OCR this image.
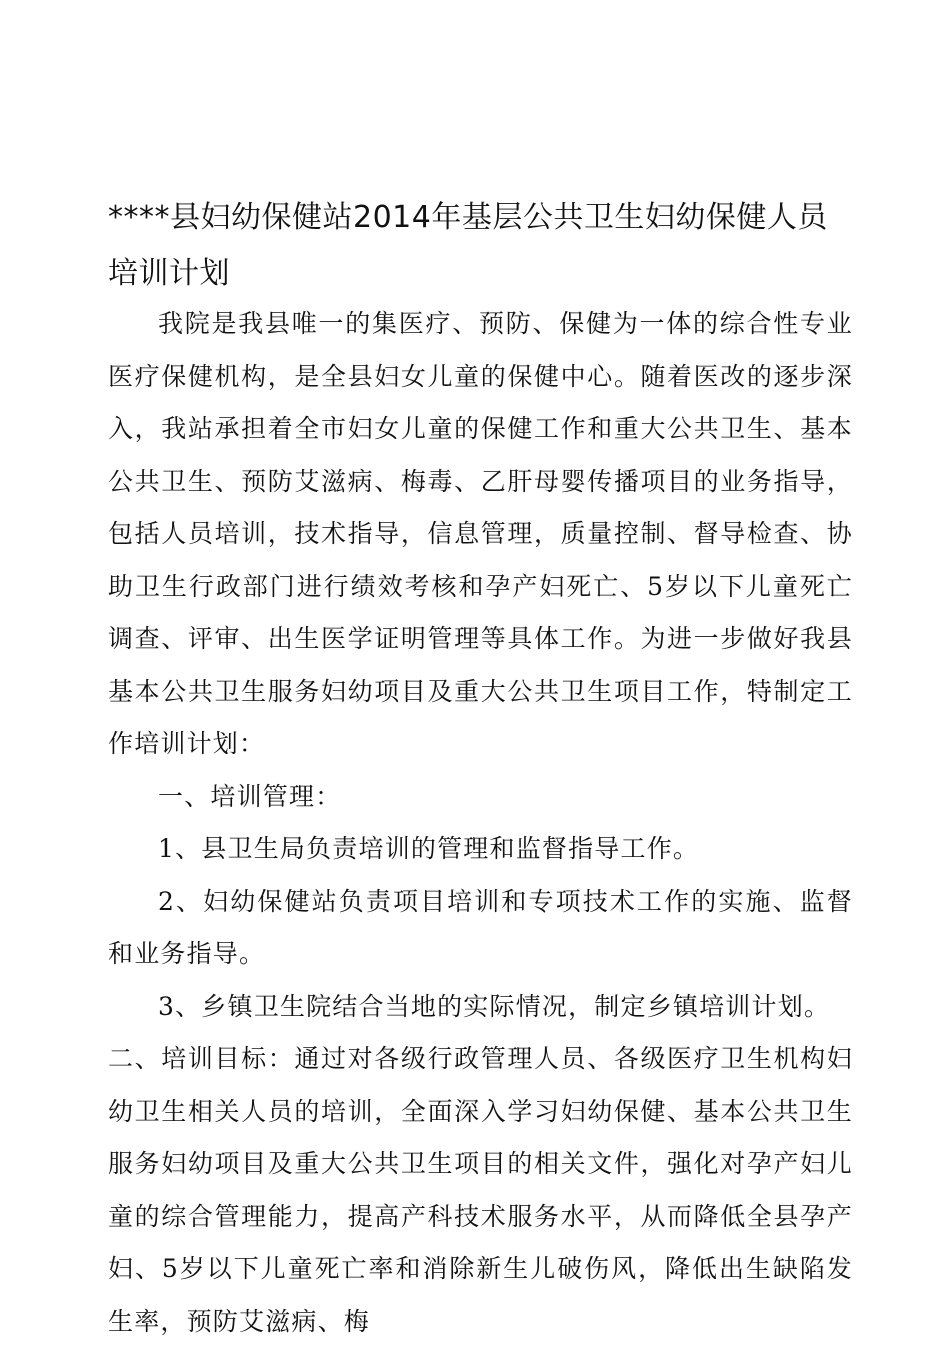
****县妇幼保健站2014年基层公共卫生妇幼保健人员培训计划

我院是我县唯一的集医疗、预防、保健为一体的综合性专业医疗保健机构，是全县妇女儿童的保健中心。随着医改的逐步深入，我站承担着全市妇女儿童的保健工作和重大公共卫生、基本公共卫生、预防艾滋病、梅毒、乙肝母婴传播项目的业务指导，包括人员培训，技术指导，信息管理，质量控制、督导检查、协助卫生行政部门进行绩效考核和孕产妇死亡、5岁以下儿童死亡调查、评审、出生医学证明管理等具体工作。为进一步做好我县基本公共卫生服务妇幼项目及重大公共卫生项目工作，特制定工作培训计划：

一、培训管理：

1、县卫生局负责培训的管理和监督指导工作。

2、妇幼保健站负责项目培训和专项技术工作的实施、监督和业务指导。

3、乡镇卫生院结合当地的实际情况，制定乡镇培训计划。

二、培训目标：通过对各级行政管理人员、各级医疗卫生机构妇幼卫生相关人员的培训，全面深入学习妇幼保健、基本公共卫生服务妇幼项目及重大公共卫生项目的相关文件，强化对孕产妇儿童的综合管理能力，提高产科技术服务水平，从而降低全县孕产妇、5岁以下儿童死亡率和消除新生儿破伤风，降低出生缺陷发生率，预防艾滋病、梅
